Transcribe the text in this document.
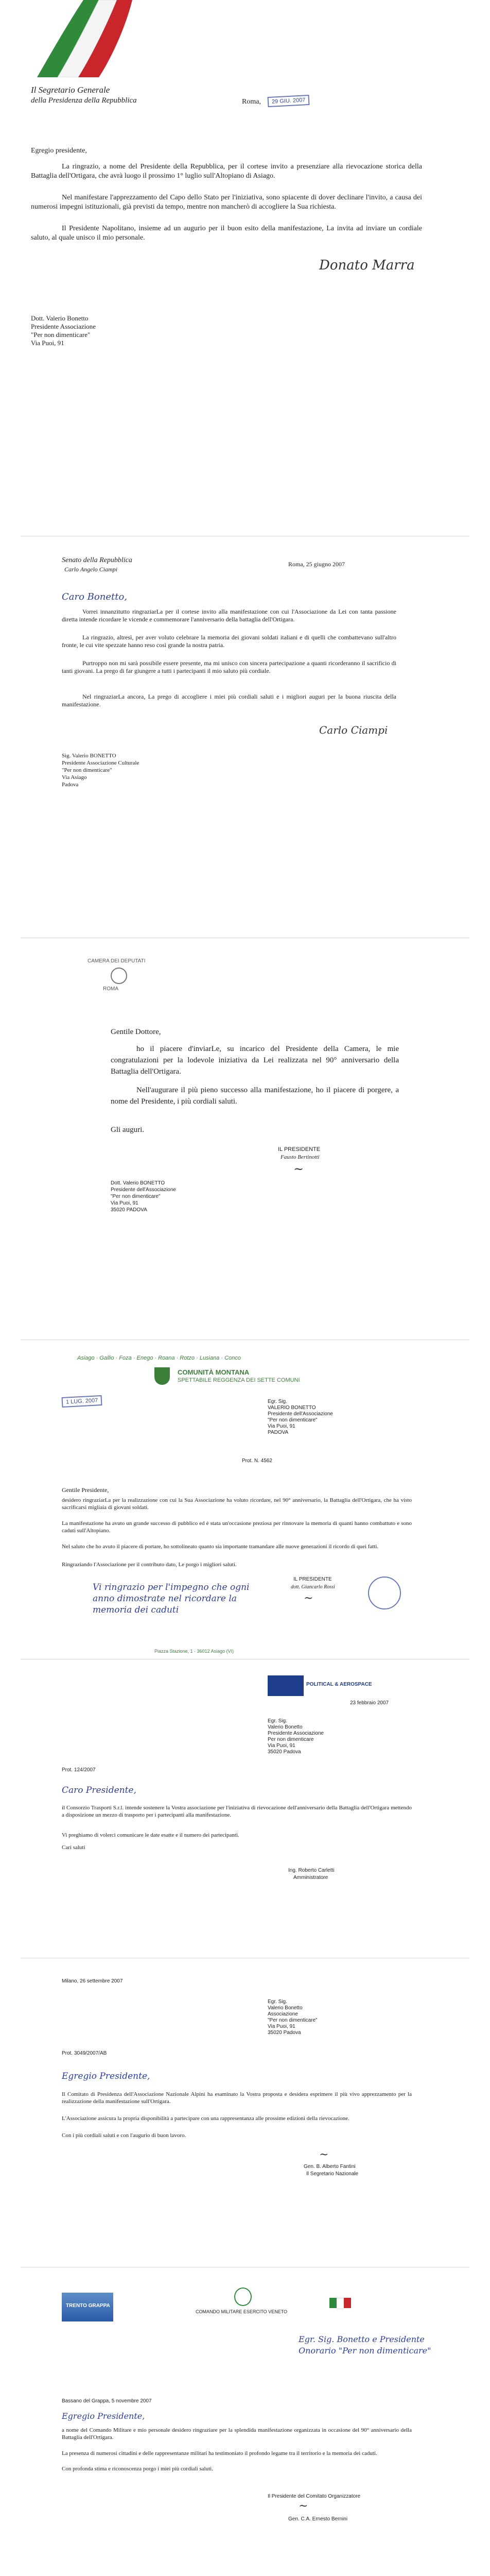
Il Segretario Generale
della Presidenza della Repubblica	Roma,	29 GIU. 2007
Egregio presidente,
La ringrazio, a nome del Presidente della Repubblica, per il cortese invito a presenziare alla rievocazione storica della Battaglia dell'Ortigara, che avrà luogo il prossimo 1° luglio sull'Altopiano di Asiago.
Nel manifestare l'apprezzamento del Capo dello Stato per l'iniziativa, sono spiacente di dover declinare l'invito, a causa dei numerosi impegni istituzionali, già previsti da tempo, mentre non mancherò di accogliere la Sua richiesta.
Il Presidente Napolitano, insieme ad un augurio per il buon esito della manifestazione, La invita ad inviare un cordiale saluto, al quale unisco il mio personale.
Donato Marra
Dott. Valerio Bonetto
Presidente Associazione
"Per non dimenticare"
Via Puoi, 91
Senato della Repubblica
Carlo Angelo Ciampi
Roma, 25 giugno 2007
Caro Bonetto,
Vorrei innanzitutto ringraziarLa per il cortese invito alla manifestazione con cui l'Associazione da Lei con tanta passione diretta intende ricordare le vicende e commemorare l'anniversario della battaglia dell'Ortigara.
La ringrazio, altresì, per aver voluto celebrare la memoria dei giovani soldati italiani e di quelli che combattevano sull'altro fronte, le cui vite spezzate hanno reso così grande la nostra patria.
Purtroppo non mi sarà possibile essere presente, ma mi unisco con sincera partecipazione a quanti ricorderanno il sacrificio di tanti giovani. La prego di far giungere a tutti i partecipanti il mio saluto più cordiale.
Nel ringraziarLa ancora, La prego di accogliere i miei più cordiali saluti e i migliori auguri per la buona riuscita della manifestazione.
Carlo Ciampi
Sig. Valerio BONETTO
Presidente Associazione Culturale
"Per non dimenticare"
Via Asiago
Padova
CAMERA DEI DEPUTATI
ROMA
Gentile Dottore,
ho il piacere d'inviarLe, su incarico del Presidente della Camera, le mie congratulazioni per la lodevole iniziativa da Lei realizzata nel 90° anniversario della Battaglia dell'Ortigara.
Nell'augurare il più pieno successo alla manifestazione, ho il piacere di porgere, a nome del Presidente, i più cordiali saluti.
Gli auguri.
IL PRESIDENTE
Fausto Bertinotti
~
Dott. Valerio BONETTO
Presidente dell'Associazione
"Per non dimenticare"
Via Puoi, 91
35020 PADOVA
Asiago · Gallio · Foza · Enego · Roana · Rotzo · Lusiana · Conco
COMUNITÀ MONTANA
SPETTABILE REGGENZA DEI SETTE COMUNI
1 LUG. 2007	Egr. Sig.
VALERIO BONETTO
Presidente dell'Associazione
"Per non dimenticare"
Via Puoi, 91
PADOVA
Prot. N. 4562
Gentile Presidente,
desidero ringraziarLa per la realizzazione con cui la Sua Associazione ha voluto ricordare, nel 90° anniversario, la Battaglia dell'Ortigara, che ha visto sacrificarsi migliaia di giovani soldati.
La manifestazione ha avuto un grande successo di pubblico ed è stata un'occasione preziosa per rinnovare la memoria di quanti hanno combattuto e sono caduti sull'Altopiano.
Nel saluto che ho avuto il piacere di portare, ho sottolineato quanto sia importante tramandare alle nuove generazioni il ricordo di quei fatti.
Ringraziando l'Associazione per il contributo dato, Le porgo i migliori saluti.
Vi ringrazio per l'impegno che ogni anno dimostrate nel ricordare la memoria dei caduti
IL PRESIDENTE
dott. Giancarlo Rossi
~
Piazza Stazione, 1 · 36012 Asiago (VI)
POLITICAL & AEROSPACE
23 febbraio 2007
Egr. Sig.
Valerio Bonetto
Presidente Associazione
Per non dimenticare
Via Puoi, 91
35020 Padova
Prot. 124/2007
Caro Presidente,
il Consorzio Trasporti S.r.l. intende sostenere la Vostra associazione per l'iniziativa di rievocazione dell'anniversario della Battaglia dell'Ortigara mettendo a disposizione un mezzo di trasporto per i partecipanti alla manifestazione.
Vi preghiamo di volerci comunicare le date esatte e il numero dei partecipanti.
Cari saluti
Ing. Roberto Carletti
Amministratore
Milano, 26 settembre 2007
Egr. Sig.
Valerio Bonetto
Associazione
"Per non dimenticare"
Via Puoi, 91
35020 Padova
Prot. 3049/2007/AB
Egregio Presidente,
Il Comitato di Presidenza dell'Associazione Nazionale Alpini ha esaminato la Vostra proposta e desidera esprimere il più vivo apprezzamento per la realizzazione della manifestazione sull'Ortigara.
L'Associazione assicura la propria disponibilità a partecipare con una rappresentanza alle prossime edizioni della rievocazione.
Con i più cordiali saluti e con l'augurio di buon lavoro.
~
Gen. B. Alberto Fantini
Il Segretario Nazionale
TRENTO GRAPPA
COMANDO MILITARE ESERCITO VENETO
Egr. Sig. Bonetto e Presidente Onorario "Per non dimenticare"
Bassano del Grappa, 5 novembre 2007
Egregio Presidente,
a nome del Comando Militare e mio personale desidero ringraziare per la splendida manifestazione organizzata in occasione del 90° anniversario della Battaglia dell'Ortigara.
La presenza di numerosi cittadini e delle rappresentanze militari ha testimoniato il profondo legame tra il territorio e la memoria dei caduti.
Con profonda stima e riconoscenza porgo i miei più cordiali saluti.
Il Presidente del Comitato Organizzatore
~
Gen. C.A. Ernesto Bernini
